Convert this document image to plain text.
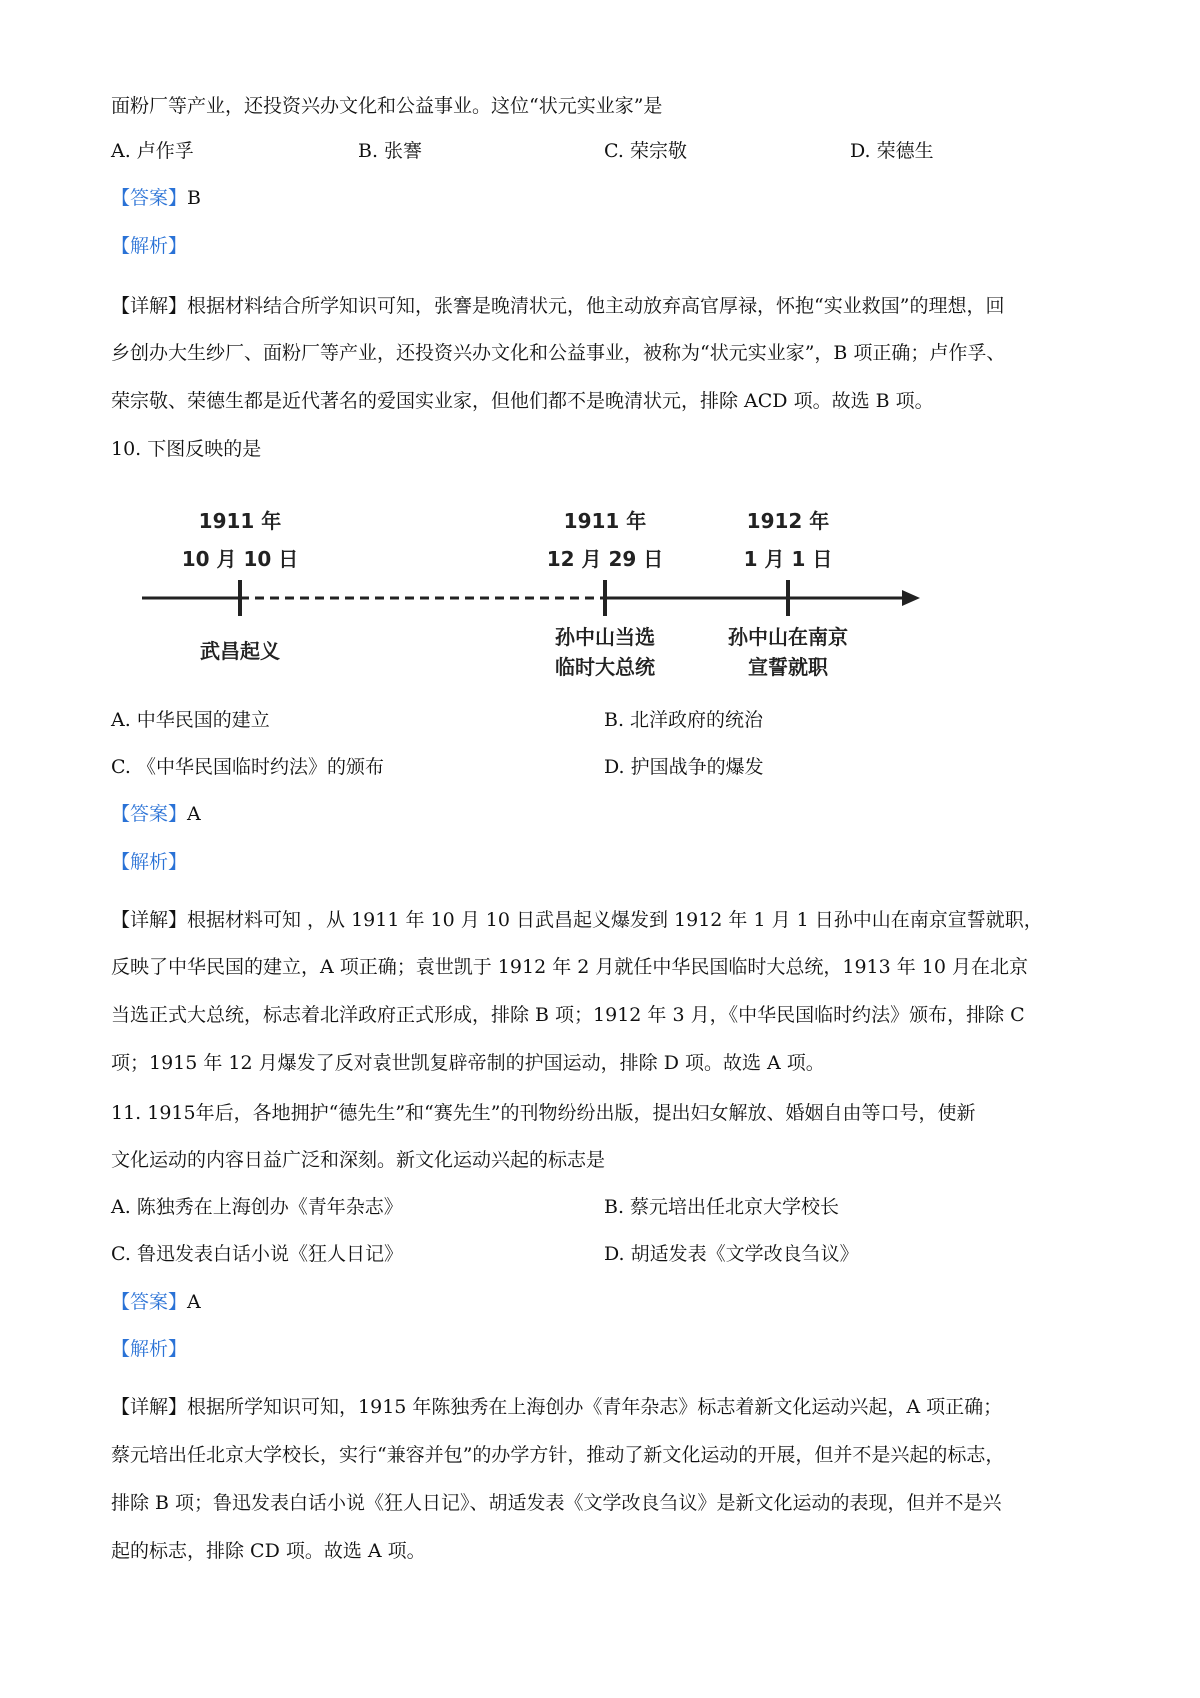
面粉厂等产业，还投资兴办文化和公益事业。这位“状元实业家”是
A. 卢作孚	B. 张謇	C. 荣宗敬	D. 荣德生
【答案】B
【解析】
【详解】根据材料结合所学知识可知，张謇是晚清状元，他主动放弃高官厚禄，怀抱“实业救国”的理想，回
乡创办大生纱厂、面粉厂等产业，还投资兴办文化和公益事业，被称为“状元实业家”，B 项正确；卢作孚、
荣宗敬、荣德生都是近代著名的爱国实业家，但他们都不是晚清状元，排除 ACD 项。故选 B 项。
10. 下图反映的是
1911 年
10 月 10 日
武昌起义
1911 年
12 月 29 日
孙中山当选
临时大总统
1912 年
1 月 1 日
孙中山在南京
宣誓就职
A. 中华民国的建立	B. 北洋政府的统治
C. 《中华民国临时约法》的颁布	D. 护国战争的爆发
【答案】A
【解析】
【详解】根据材料可知 ，从 1911 年 10 月 10 日武昌起义爆发到 1912 年 1 月 1 日孙中山在南京宣誓就职，
反映了中华民国的建立，A 项正确；袁世凯于 1912 年 2 月就任中华民国临时大总统，1913 年 10 月在北京
当选正式大总统，标志着北洋政府正式形成，排除 B 项；1912 年 3 月，《中华民国临时约法》颁布，排除 C
项；1915 年 12 月爆发了反对袁世凯复辟帝制的护国运动，排除 D 项。故选 A 项。
11. 1915年后，各地拥护“德先生”和“赛先生”的刊物纷纷出版，提出妇女解放、婚姻自由等口号，使新
文化运动的内容日益广泛和深刻。新文化运动兴起的标志是
A. 陈独秀在上海创办《青年杂志》	B. 蔡元培出任北京大学校长
C. 鲁迅发表白话小说《狂人日记》	D. 胡适发表《文学改良刍议》
【答案】A
【解析】
【详解】根据所学知识可知，1915 年陈独秀在上海创办《青年杂志》标志着新文化运动兴起，A 项正确；
蔡元培出任北京大学校长，实行“兼容并包”的办学方针，推动了新文化运动的开展，但并不是兴起的标志，
排除 B 项；鲁迅发表白话小说《狂人日记》、胡适发表《文学改良刍议》是新文化运动的表现，但并不是兴
起的标志，排除 CD 项。故选 A 项。
